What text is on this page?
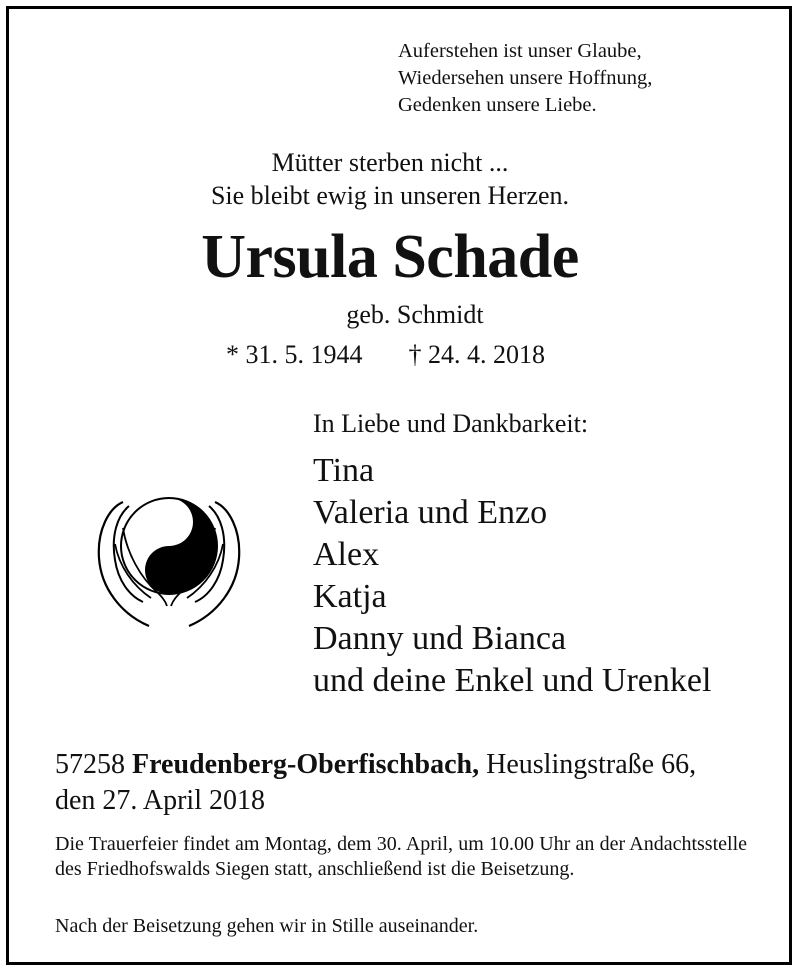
Auferstehen ist unser Glaube,
Wiedersehen unsere Hoffnung,
Gedenken unsere Liebe.
Mütter sterben nicht ...
Sie bleibt ewig in unseren Herzen.
Ursula Schade
geb. Schmidt
* 31. 5. 1944 † 24. 4. 2018
In Liebe und Dankbarkeit:
Tina
Valeria und Enzo
Alex
Katja
Danny und Bianca
und deine Enkel und Urenkel
57258 Freudenberg-Oberfischbach, Heuslingstraße 66,
den 27. April 2018
Die Trauerfeier findet am Montag, dem 30. April, um 10.00 Uhr an der Andachtsstelle des Friedhofswalds Siegen statt, anschließend ist die Beisetzung.
Nach der Beisetzung gehen wir in Stille auseinander.
